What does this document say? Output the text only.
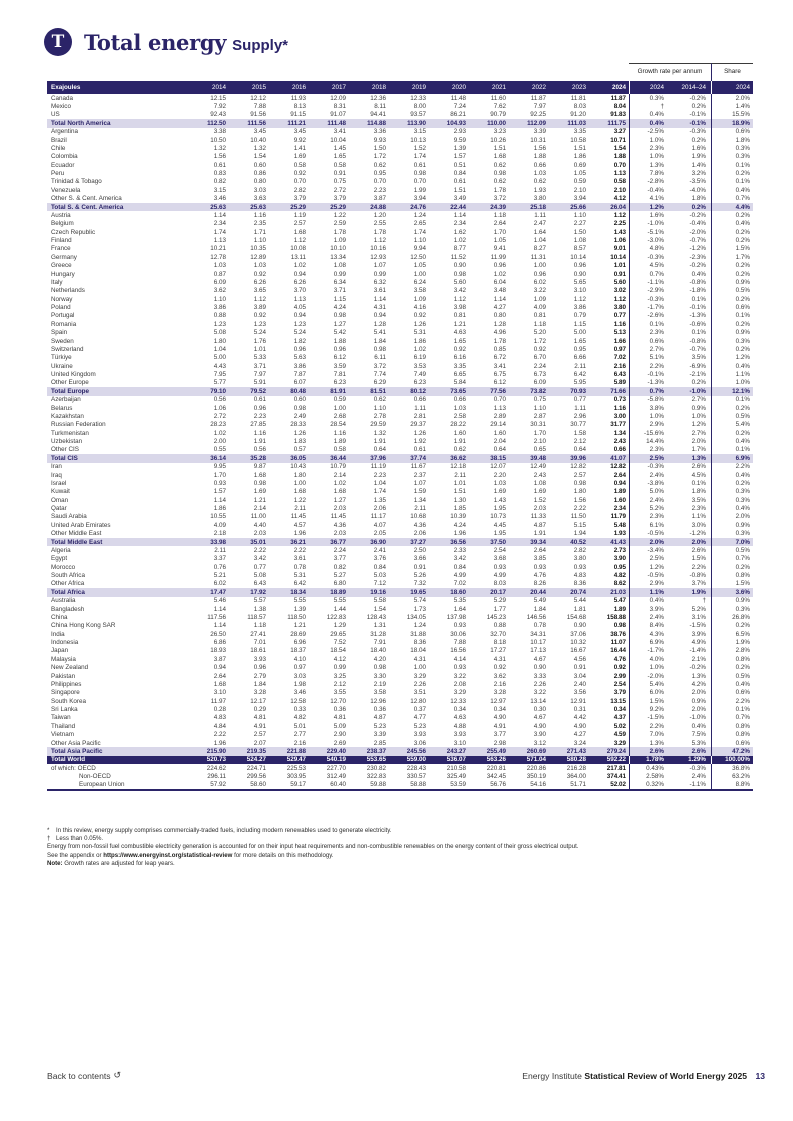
T Total energy Supply*
Growth rate per annum	Share
Exajoules	2014	2015	2016	2017	2018	2019	2020	2021	2022	2023	2024	2024	2014–24	2024
Canada	12.15	12.12	11.93	12.09	12.36	12.33	11.48	11.60	11.87	11.81	11.87	0.3%	-0.2%	2.0%
Mexico	7.92	7.88	8.13	8.31	8.11	8.00	7.24	7.62	7.97	8.03	8.04	†	0.2%	1.4%
US	92.43	91.56	91.15	91.07	94.41	93.57	86.21	90.79	92.25	91.20	91.83	0.4%	-0.1%	15.5%
Total North America	112.50	111.56	111.21	111.48	114.88	113.90	104.93	110.00	112.09	111.03	111.75	0.4%	-0.1%	18.9%
Argentina	3.38	3.45	3.45	3.41	3.36	3.15	2.93	3.23	3.39	3.35	3.27	-2.5%	-0.3%	0.6%
Brazil	10.50	10.40	9.92	10.04	9.93	10.13	9.59	10.26	10.31	10.58	10.71	1.0%	0.2%	1.8%
Chile	1.32	1.32	1.41	1.45	1.50	1.52	1.39	1.51	1.56	1.51	1.54	2.3%	1.6%	0.3%
Colombia	1.56	1.54	1.69	1.65	1.72	1.74	1.57	1.68	1.88	1.86	1.88	1.0%	1.9%	0.3%
Ecuador	0.61	0.60	0.58	0.58	0.62	0.61	0.51	0.62	0.66	0.69	0.70	1.3%	1.4%	0.1%
Peru	0.83	0.86	0.92	0.91	0.95	0.98	0.84	0.98	1.03	1.05	1.13	7.8%	3.2%	0.2%
Trinidad & Tobago	0.82	0.80	0.70	0.75	0.70	0.70	0.61	0.62	0.62	0.59	0.58	-2.8%	-3.5%	0.1%
Venezuela	3.15	3.03	2.82	2.72	2.23	1.99	1.51	1.78	1.93	2.10	2.10	-0.4%	-4.0%	0.4%
Other S. & Cent. America	3.46	3.63	3.79	3.79	3.87	3.94	3.49	3.72	3.80	3.94	4.12	4.1%	1.8%	0.7%
Total S. & Cent. America	25.63	25.63	25.29	25.29	24.88	24.76	22.44	24.39	25.18	25.66	26.04	1.2%	0.2%	4.4%
Austria	1.14	1.16	1.19	1.22	1.20	1.24	1.14	1.18	1.11	1.10	1.12	1.6%	-0.2%	0.2%
Belgium	2.34	2.35	2.57	2.59	2.55	2.65	2.34	2.64	2.47	2.27	2.25	-1.0%	-0.4%	0.4%
Czech Republic	1.74	1.71	1.68	1.78	1.78	1.74	1.62	1.70	1.64	1.50	1.43	-5.1%	-2.0%	0.2%
Finland	1.13	1.10	1.12	1.09	1.12	1.10	1.02	1.05	1.04	1.08	1.06	-3.0%	-0.7%	0.2%
France	10.21	10.35	10.08	10.10	10.16	9.94	8.77	9.41	8.27	8.57	9.01	4.8%	-1.2%	1.5%
Germany	12.78	12.89	13.11	13.34	12.93	12.50	11.52	11.99	11.31	10.14	10.14	-0.3%	-2.3%	1.7%
Greece	1.03	1.03	1.02	1.08	1.07	1.05	0.90	0.96	1.00	0.96	1.01	4.5%	-0.2%	0.2%
Hungary	0.87	0.92	0.94	0.99	0.99	1.00	0.98	1.02	0.96	0.90	0.91	0.7%	0.4%	0.2%
Italy	6.09	6.26	6.26	6.34	6.32	6.24	5.60	6.04	6.02	5.65	5.60	-1.1%	-0.8%	0.9%
Netherlands	3.62	3.65	3.70	3.71	3.61	3.58	3.42	3.48	3.22	3.10	3.02	-2.9%	-1.8%	0.5%
Norway	1.10	1.12	1.13	1.15	1.14	1.09	1.12	1.14	1.09	1.12	1.12	-0.3%	0.1%	0.2%
Poland	3.86	3.89	4.05	4.24	4.31	4.16	3.98	4.27	4.09	3.86	3.80	-1.7%	-0.1%	0.6%
Portugal	0.88	0.92	0.94	0.98	0.94	0.92	0.81	0.80	0.81	0.79	0.77	-2.6%	-1.3%	0.1%
Romania	1.23	1.23	1.23	1.27	1.28	1.26	1.21	1.28	1.18	1.15	1.16	0.1%	-0.6%	0.2%
Spain	5.08	5.24	5.24	5.42	5.41	5.31	4.63	4.96	5.20	5.00	5.13	2.3%	0.1%	0.9%
Sweden	1.80	1.76	1.82	1.88	1.84	1.86	1.65	1.78	1.72	1.65	1.66	0.6%	-0.8%	0.3%
Switzerland	1.04	1.01	0.96	0.96	0.98	1.02	0.92	0.85	0.92	0.95	0.97	2.7%	-0.7%	0.2%
Türkiye	5.00	5.33	5.63	6.12	6.11	6.19	6.16	6.72	6.70	6.66	7.02	5.1%	3.5%	1.2%
Ukraine	4.43	3.71	3.86	3.59	3.72	3.53	3.35	3.41	2.24	2.11	2.16	2.2%	-6.9%	0.4%
United Kingdom	7.95	7.97	7.87	7.81	7.74	7.49	6.65	6.75	6.73	6.42	6.43	-0.1%	-2.1%	1.1%
Other Europe	5.77	5.91	6.07	6.23	6.29	6.23	5.84	6.12	6.09	5.95	5.89	-1.3%	0.2%	1.0%
Total Europe	79.10	79.52	80.48	81.91	81.51	80.12	73.65	77.56	73.82	70.93	71.66	0.7%	-1.0%	12.1%
Azerbaijan	0.56	0.61	0.60	0.59	0.62	0.66	0.66	0.70	0.75	0.77	0.73	-5.8%	2.7%	0.1%
Belarus	1.06	0.96	0.98	1.00	1.10	1.11	1.03	1.13	1.10	1.11	1.16	3.8%	0.9%	0.2%
Kazakhstan	2.72	2.23	2.49	2.68	2.78	2.81	2.58	2.89	2.87	2.96	3.00	1.0%	1.0%	0.5%
Russian Federation	28.23	27.85	28.33	28.54	29.59	29.37	28.22	29.14	30.31	30.77	31.77	2.9%	1.2%	5.4%
Turkmenistan	1.02	1.16	1.26	1.16	1.32	1.26	1.60	1.60	1.70	1.58	1.34	-15.6%	2.7%	0.2%
Uzbekistan	2.00	1.91	1.83	1.89	1.91	1.92	1.91	2.04	2.10	2.12	2.43	14.4%	2.0%	0.4%
Other CIS	0.55	0.56	0.57	0.58	0.64	0.61	0.62	0.64	0.65	0.64	0.66	2.3%	1.7%	0.1%
Total CIS	36.14	35.28	36.05	36.44	37.96	37.74	36.62	38.15	39.48	39.96	41.07	2.5%	1.3%	6.9%
Iran	9.95	9.87	10.43	10.79	11.19	11.67	12.18	12.07	12.49	12.82	12.82	-0.3%	2.6%	2.2%
Iraq	1.70	1.68	1.80	2.14	2.23	2.37	2.11	2.20	2.43	2.57	2.64	2.4%	4.5%	0.4%
Israel	0.93	0.98	1.00	1.02	1.04	1.07	1.01	1.03	1.08	0.98	0.94	-3.8%	0.1%	0.2%
Kuwait	1.57	1.69	1.68	1.68	1.74	1.59	1.51	1.69	1.69	1.80	1.89	5.0%	1.8%	0.3%
Oman	1.14	1.21	1.22	1.27	1.35	1.34	1.30	1.43	1.52	1.56	1.60	2.4%	3.5%	0.3%
Qatar	1.86	2.14	2.11	2.03	2.06	2.11	1.85	1.95	2.03	2.22	2.34	5.2%	2.3%	0.4%
Saudi Arabia	10.55	11.00	11.45	11.45	11.17	10.68	10.39	10.73	11.33	11.50	11.79	2.3%	1.1%	2.0%
United Arab Emirates	4.09	4.40	4.57	4.36	4.07	4.36	4.24	4.45	4.87	5.15	5.48	6.1%	3.0%	0.9%
Other Middle East	2.18	2.03	1.96	2.03	2.05	2.06	1.96	1.95	1.91	1.94	1.93	-0.5%	-1.2%	0.3%
Total Middle East	33.98	35.01	36.21	36.77	36.90	37.27	36.56	37.50	39.34	40.52	41.43	2.0%	2.0%	7.0%
Algeria	2.11	2.22	2.22	2.24	2.41	2.50	2.33	2.54	2.64	2.82	2.73	-3.4%	2.6%	0.5%
Egypt	3.37	3.42	3.61	3.77	3.76	3.66	3.42	3.68	3.85	3.80	3.90	2.5%	1.5%	0.7%
Morocco	0.76	0.77	0.78	0.82	0.84	0.91	0.84	0.93	0.93	0.93	0.95	1.2%	2.2%	0.2%
South Africa	5.21	5.08	5.31	5.27	5.03	5.26	4.99	4.99	4.76	4.83	4.82	-0.5%	-0.8%	0.8%
Other Africa	6.02	6.43	6.42	6.80	7.12	7.32	7.02	8.03	8.26	8.36	8.62	2.9%	3.7%	1.5%
Total Africa	17.47	17.92	18.34	18.89	19.16	19.65	18.60	20.17	20.44	20.74	21.03	1.1%	1.9%	3.6%
Australia	5.46	5.57	5.55	5.55	5.58	5.74	5.35	5.29	5.49	5.44	5.47	0.4%	†	0.9%
Bangladesh	1.14	1.38	1.39	1.44	1.54	1.73	1.64	1.77	1.84	1.81	1.89	3.9%	5.2%	0.3%
China	117.56	118.57	118.50	122.83	128.43	134.05	137.98	145.23	146.56	154.68	158.88	2.4%	3.1%	26.8%
China Hong Kong SAR	1.14	1.18	1.21	1.29	1.31	1.24	0.93	0.88	0.78	0.90	0.98	8.4%	-1.5%	0.2%
India	26.50	27.41	28.69	29.65	31.28	31.88	30.06	32.70	34.31	37.06	38.76	4.3%	3.9%	6.5%
Indonesia	6.86	7.01	6.96	7.52	7.91	8.36	7.88	8.18	10.17	10.32	11.07	6.9%	4.9%	1.9%
Japan	18.93	18.61	18.37	18.54	18.40	18.04	16.56	17.27	17.13	16.67	16.44	-1.7%	-1.4%	2.8%
Malaysia	3.87	3.93	4.10	4.12	4.20	4.31	4.14	4.31	4.67	4.56	4.76	4.0%	2.1%	0.8%
New Zealand	0.94	0.96	0.97	0.99	0.98	1.00	0.93	0.92	0.90	0.91	0.92	1.0%	-0.2%	0.2%
Pakistan	2.64	2.79	3.03	3.25	3.30	3.29	3.22	3.62	3.33	3.04	2.99	-2.0%	1.3%	0.5%
Philippines	1.68	1.84	1.98	2.12	2.19	2.26	2.08	2.16	2.26	2.40	2.54	5.4%	4.2%	0.4%
Singapore	3.10	3.28	3.46	3.55	3.58	3.51	3.29	3.28	3.22	3.56	3.79	6.0%	2.0%	0.6%
South Korea	11.97	12.17	12.58	12.70	12.96	12.80	12.33	12.97	13.14	12.91	13.15	1.5%	0.9%	2.2%
Sri Lanka	0.28	0.29	0.33	0.36	0.36	0.37	0.34	0.34	0.30	0.31	0.34	9.2%	2.0%	0.1%
Taiwan	4.83	4.81	4.82	4.81	4.87	4.77	4.63	4.90	4.67	4.42	4.37	-1.5%	-1.0%	0.7%
Thailand	4.84	4.91	5.01	5.09	5.23	5.23	4.88	4.91	4.90	4.90	5.02	2.2%	0.4%	0.8%
Vietnam	2.22	2.57	2.77	2.90	3.39	3.93	3.93	3.77	3.90	4.27	4.59	7.0%	7.5%	0.8%
Other Asia Pacific	1.96	2.07	2.16	2.69	2.85	3.06	3.10	2.98	3.12	3.24	3.29	1.3%	5.3%	0.6%
Total Asia Pacific	215.90	219.35	221.88	229.40	238.37	245.56	243.27	255.49	260.69	271.43	279.24	2.6%	2.6%	47.2%
Total World	520.73	524.27	529.47	540.19	553.65	559.00	536.07	563.26	571.04	580.28	592.22	1.78%	1.29%	100.00%
of which: OECD	224.62	224.71	225.53	227.70	230.82	228.43	210.58	220.81	220.86	216.28	217.81	0.43%	-0.3%	36.8%
Non-OECD	296.11	299.56	303.95	312.49	322.83	330.57	325.49	342.45	350.19	364.00	374.41	2.58%	2.4%	63.2%
European Union	57.92	58.60	59.17	60.40	59.88	58.88	53.59	56.76	54.16	51.71	52.02	0.32%	-1.1%	8.8%

* In this review, energy supply comprises commercially-traded fuels, including modern renewables used to generate electricity.

† Less than 0.05%.

Energy from non-fossil fuel combustible electricity generation is accounted for on their input heat requirements and non-combustible renewables on the energy content of their gross electrical output.

See the appendix or https://www.energyinst.org/statistical-review for more details on this methodology.

Note: Growth rates are adjusted for leap years.

Back to contents ↺	Energy Institute Statistical Review of World Energy 2025 13
